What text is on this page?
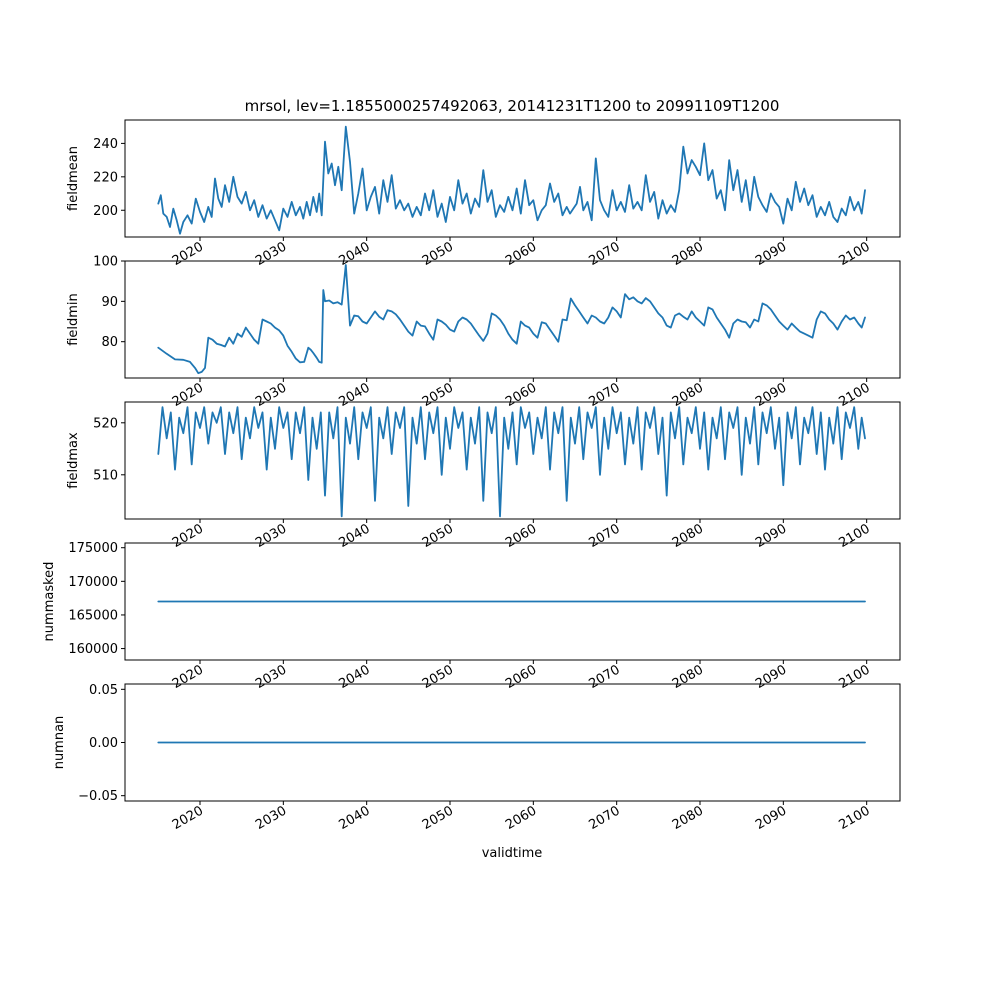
mrsol, lev=1.1855000257492063, 20141231T1200 to 20991109T1200
200
220
240
2020	2030	2040	2050	2060	2070	2080	2090	2100
fieldmean
80
90
100
2020	2030	2040	2050	2060	2070	2080	2090	2100
fieldmin
510
520
2020	2030	2040	2050	2060	2070	2080	2090	2100
fieldmax
160000
165000
170000
175000
2020	2030	2040	2050	2060	2070	2080	2090	2100
nummasked
−0.05
0.00
0.05
2020	2030	2040	2050	2060	2070	2080	2090	2100
numnan
validtime
